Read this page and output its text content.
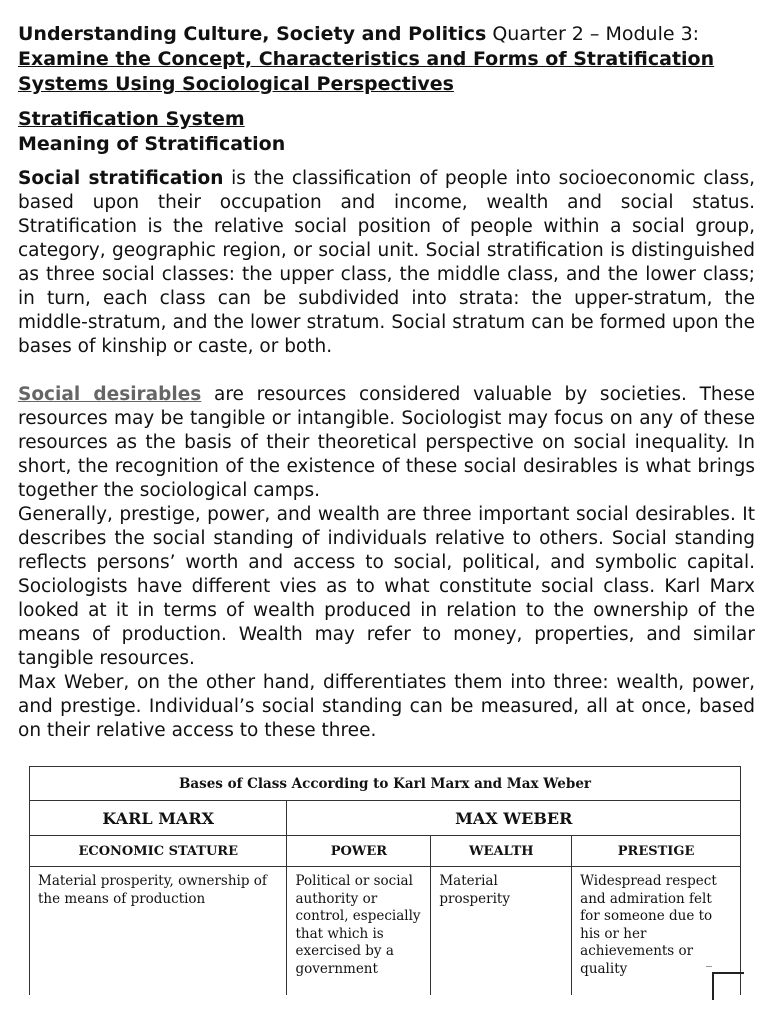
Understanding Culture, Society and Politics Quarter 2 – Module 3:
Examine the Concept, Characteristics and Forms of Stratification Systems Using Sociological Perspectives
Stratification System
Meaning of Stratification

Social stratification is the classification of people into socioeconomic class, based upon their occupation and income, wealth and social status. Stratification is the relative social position of people within a social group, category, geographic region, or social unit. Social stratification is distinguished as three social classes: the upper class, the middle class, and the lower class; in turn, each class can be subdivided into strata: the upper-stratum, the middle-stratum, and the lower stratum. Social stratum can be formed upon the bases of kinship or caste, or both.

Social desirables are resources considered valuable by societies. These resources may be tangible or intangible. Sociologist may focus on any of these resources as the basis of their theoretical perspective on social inequality. In short, the recognition of the existence of these social desirables is what brings together the sociological camps.

Generally, prestige, power, and wealth are three important social desirables. It describes the social standing of individuals relative to others. Social standing reflects persons’ worth and access to social, political, and symbolic capital. Sociologists have different vies as to what constitute social class. Karl Marx looked at it in terms of wealth produced in relation to the ownership of the means of production. Wealth may refer to money, properties, and similar tangible resources.

Max Weber, on the other hand, differentiates them into three: wealth, power, and prestige. Individual’s social standing can be measured, all at once, based on their relative access to these three.

Bases of Class According to Karl Marx and Max Weber			
KARL MARX	MAX WEBER		
ECONOMIC STATURE	POWER	WEALTH	PRESTIGE
Material prosperity, ownership of the means of production	Political or social authority or control, especially that which is exercised by a government	Material prosperity	Widespread respect and admiration felt for someone due to his or her achievements or quality
